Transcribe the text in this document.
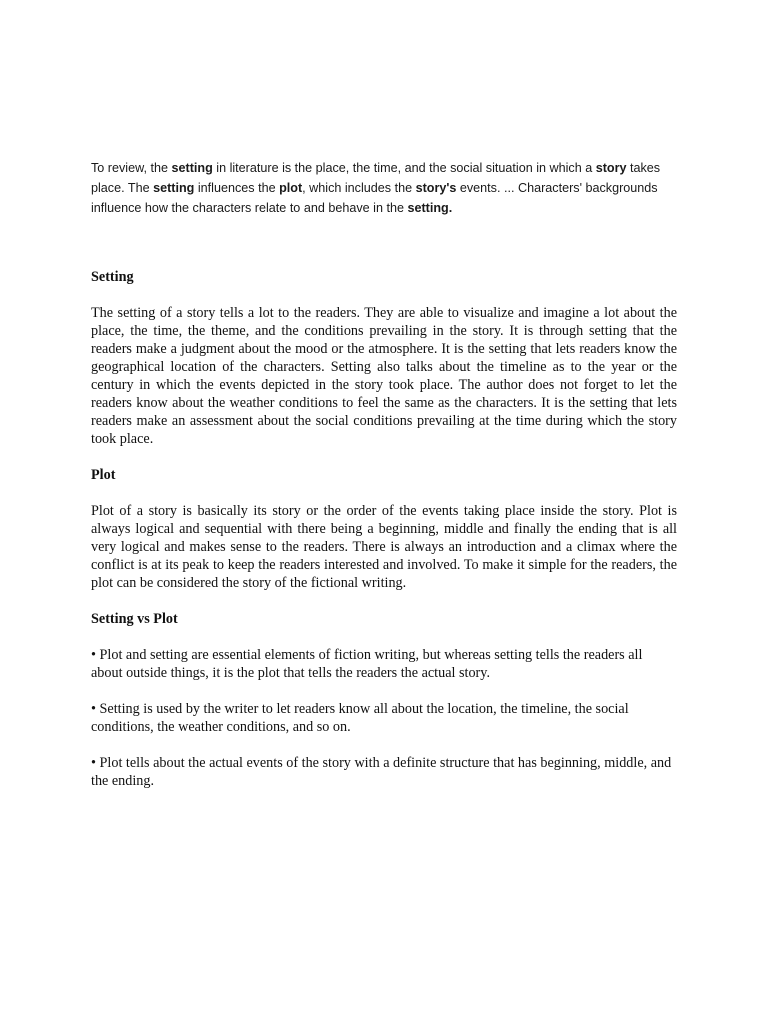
To review, the setting in literature is the place, the time, and the social situation in which a story takes place. The setting influences the plot, which includes the story's events. ... Characters' backgrounds influence how the characters relate to and behave in the setting.

Setting

The setting of a story tells a lot to the readers. They are able to visualize and imagine a lot about the place, the time, the theme, and the conditions prevailing in the story. It is through setting that the readers make a judgment about the mood or the atmosphere. It is the setting that lets readers know the geographical location of the characters. Setting also talks about the timeline as to the year or the century in which the events depicted in the story took place. The author does not forget to let the readers know about the weather conditions to feel the same as the characters. It is the setting that lets readers make an assessment about the social conditions prevailing at the time during which the story took place.

Plot

Plot of a story is basically its story or the order of the events taking place inside the story. Plot is always logical and sequential with there being a beginning, middle and finally the ending that is all very logical and makes sense to the readers. There is always an introduction and a climax where the conflict is at its peak to keep the readers interested and involved. To make it simple for the readers, the plot can be considered the story of the fictional writing.

Setting vs Plot

• Plot and setting are essential elements of fiction writing, but whereas setting tells the readers all about outside things, it is the plot that tells the readers the actual story.

• Setting is used by the writer to let readers know all about the location, the timeline, the social conditions, the weather conditions, and so on.

• Plot tells about the actual events of the story with a definite structure that has beginning, middle, and the ending.
